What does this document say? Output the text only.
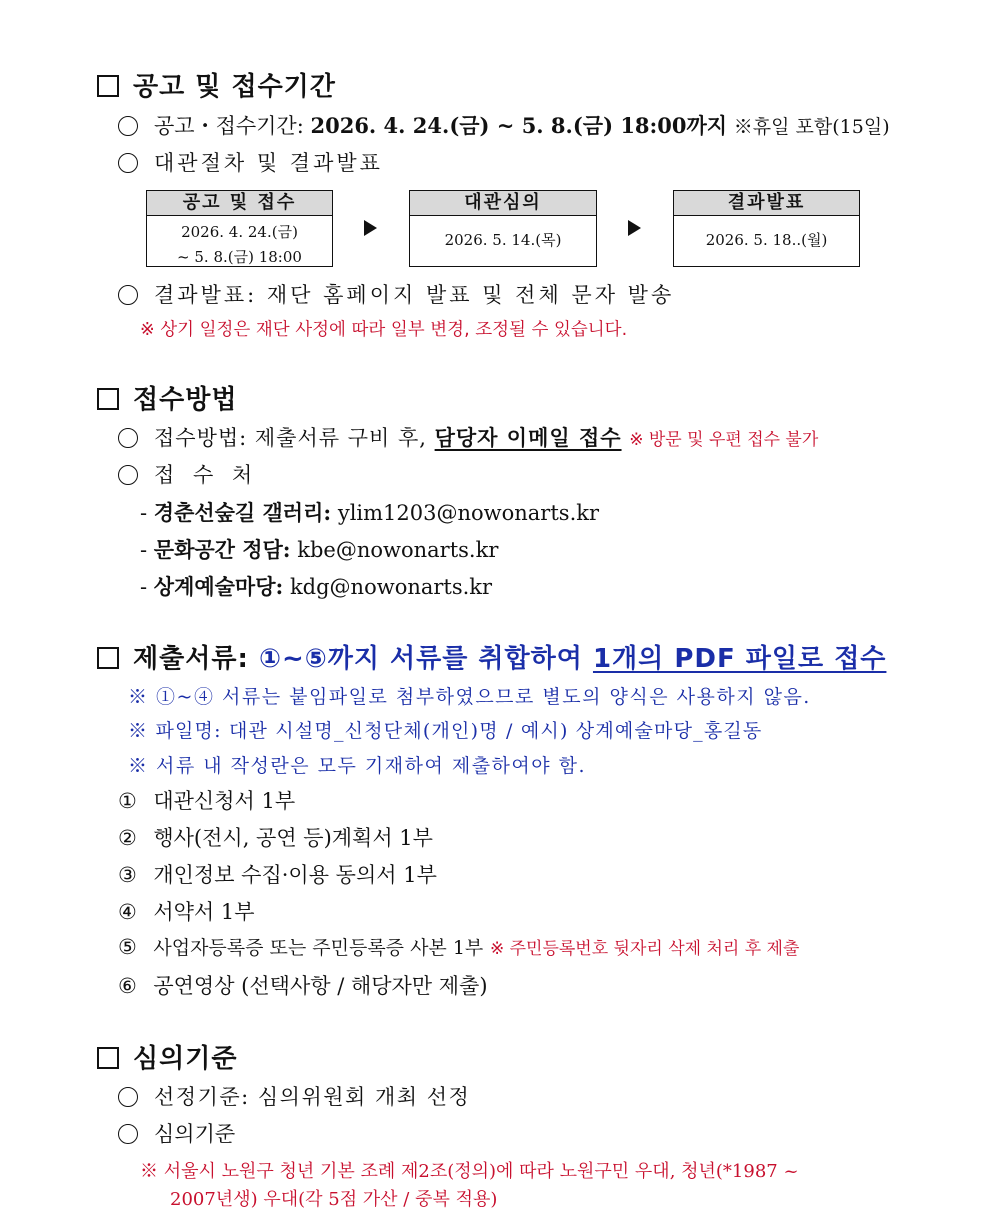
공고 및 접수기간
공고・접수기간: 2026. 4. 24.(금) ~ 5. 8.(금) 18:00까지 ※휴일 포함(15일)
대관절차 및 결과발표
공고 및 접수
2026. 4. 24.(금)
~ 5. 8.(금) 18:00
대관심의
2026. 5. 14.(목)
결과발표
2026. 5. 18..(월)
결과발표: 재단 홈페이지 발표 및 전체 문자 발송
※ 상기 일정은 재단 사정에 따라 일부 변경, 조정될 수 있습니다.
접수방법
접수방법: 제출서류 구비 후, 담당자 이메일 접수 ※ 방문 및 우편 접수 불가
접 수 처
- 경춘선숲길 갤러리: ylim1203@nowonarts.kr
- 문화공간 정담: kbe@nowonarts.kr
- 상계예술마당: kdg@nowonarts.kr
제출서류: ①~⑤까지 서류를 취합하여 1개의 PDF 파일로 접수
※ ①~④ 서류는 붙임파일로 첨부하였으므로 별도의 양식은 사용하지 않음.
※ 파일명: 대관 시설명_신청단체(개인)명 / 예시) 상계예술마당_홍길동
※ 서류 내 작성란은 모두 기재하여 제출하여야 함.
① 대관신청서 1부
② 행사(전시, 공연 등)계획서 1부
③ 개인정보 수집·이용 동의서 1부
④ 서약서 1부
⑤ 사업자등록증 또는 주민등록증 사본 1부 ※ 주민등록번호 뒷자리 삭제 처리 후 제출
⑥ 공연영상 (선택사항 / 해당자만 제출)
심의기준
선정기준: 심의위원회 개최 선정
심의기준
※ 서울시 노원구 청년 기본 조례 제2조(정의)에 따라 노원구민 우대, 청년(*1987 ~
2007년생) 우대(각 5점 가산 / 중복 적용)
